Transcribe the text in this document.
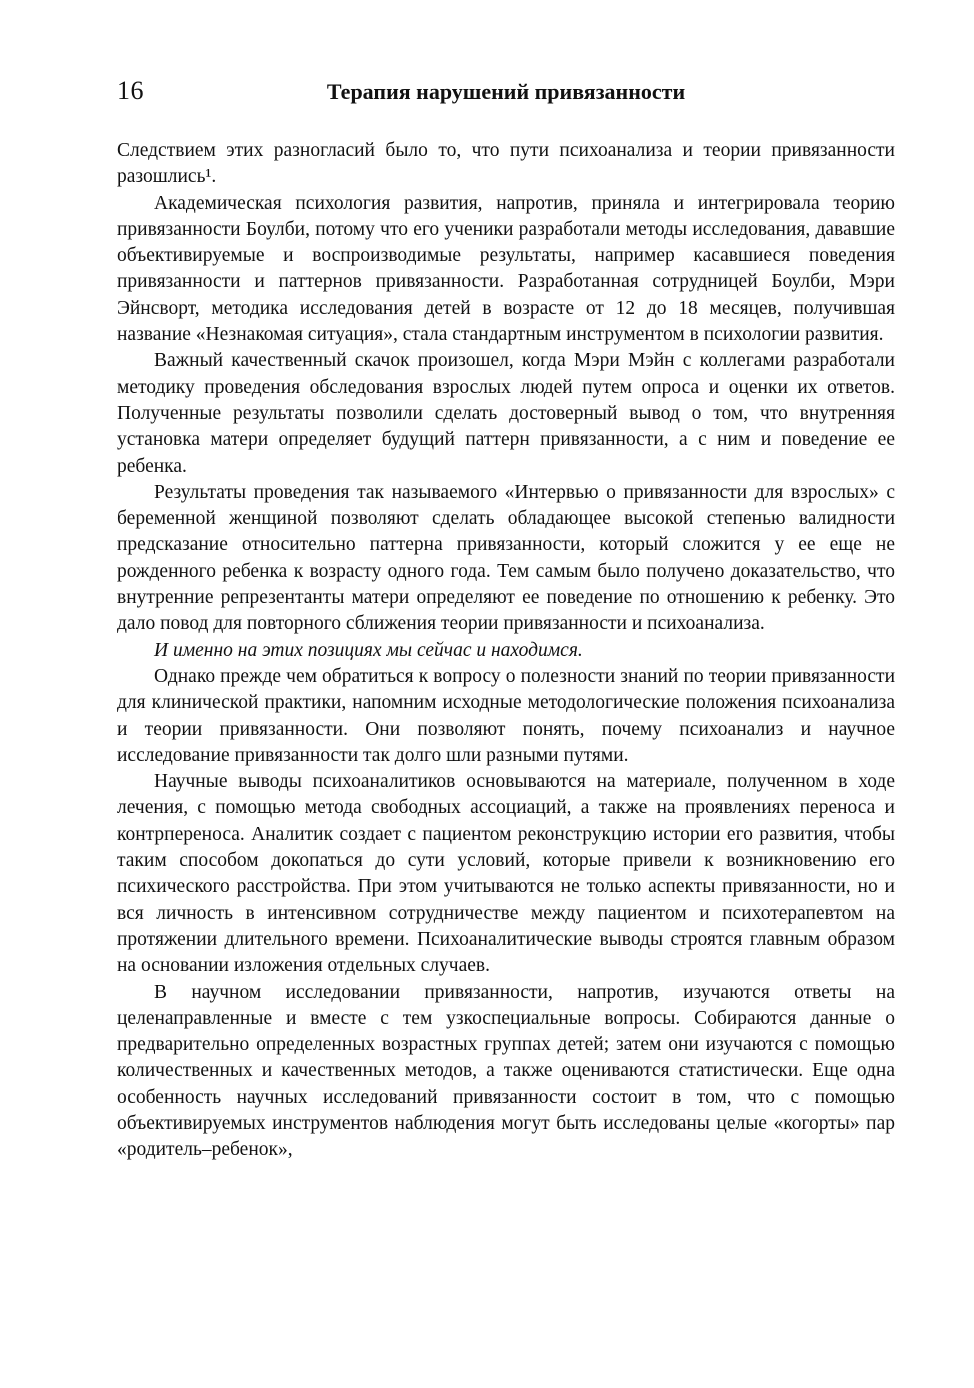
16	Терапия нарушений привязанности

Следствием этих разногласий было то, что пути психоанализа и теории привязанности разошлись¹.

Академическая психология развития, напротив, приняла и интегрировала теорию привязанности Боулби, потому что его ученики разработали методы исследования, дававшие объективируемые и воспроизводимые результаты, например касавшиеся поведения привязанности и паттернов привязанности. Разработанная сотрудницей Боулби, Мэри Эйнсворт, методика исследования детей в возрасте от 12 до 18 месяцев, получившая название «Незнакомая ситуация», стала стандартным инструментом в психологии развития.

Важный качественный скачок произошел, когда Мэри Мэйн с коллегами разработали методику проведения обследования взрослых людей путем опроса и оценки их ответов. Полученные результаты позволили сделать достоверный вывод о том, что внутренняя установка матери определяет будущий паттерн привязанности, а с ним и поведение ее ребенка.

Результаты проведения так называемого «Интервью о привязанности для взрослых» с беременной женщиной позволяют сделать обладающее высокой степенью валидности предсказание относительно паттерна привязанности, который сложится у ее еще не рожденного ребенка к возрасту одного года. Тем самым было получено доказательство, что внутренние репрезентанты матери определяют ее поведение по отношению к ребенку. Это дало повод для повторного сближения теории привязанности и психоанализа.

И именно на этих позициях мы сейчас и находимся.

Однако прежде чем обратиться к вопросу о полезности знаний по теории привязанности для клинической практики, напомним исходные методологические положения психоанализа и теории привязанности. Они позволяют понять, почему психоанализ и научное исследование привязанности так долго шли разными путями.

Научные выводы психоаналитиков основываются на материале, полученном в ходе лечения, с помощью метода свободных ассоциаций, а также на проявлениях переноса и контрпереноса. Аналитик создает с пациентом реконструкцию истории его развития, чтобы таким способом докопаться до сути условий, которые привели к возникновению его психического расстройства. При этом учитываются не только аспекты привязанности, но и вся личность в интенсивном сотрудничестве между пациентом и психотерапевтом на протяжении длительного времени. Психоаналитические выводы строятся главным образом на основании изложения отдельных случаев.

В научном исследовании привязанности, напротив, изучаются ответы на целенаправленные и вместе с тем узкоспециальные вопросы. Собираются данные о предварительно определенных возрастных группах детей; затем они изучаются с помощью количественных и качественных методов, а также оцениваются статистически. Еще одна особенность научных исследований привязанности состоит в том, что с помощью объективируемых инструментов наблюдения могут быть исследованы целые «когорты» пар «родитель–ребенок»,
